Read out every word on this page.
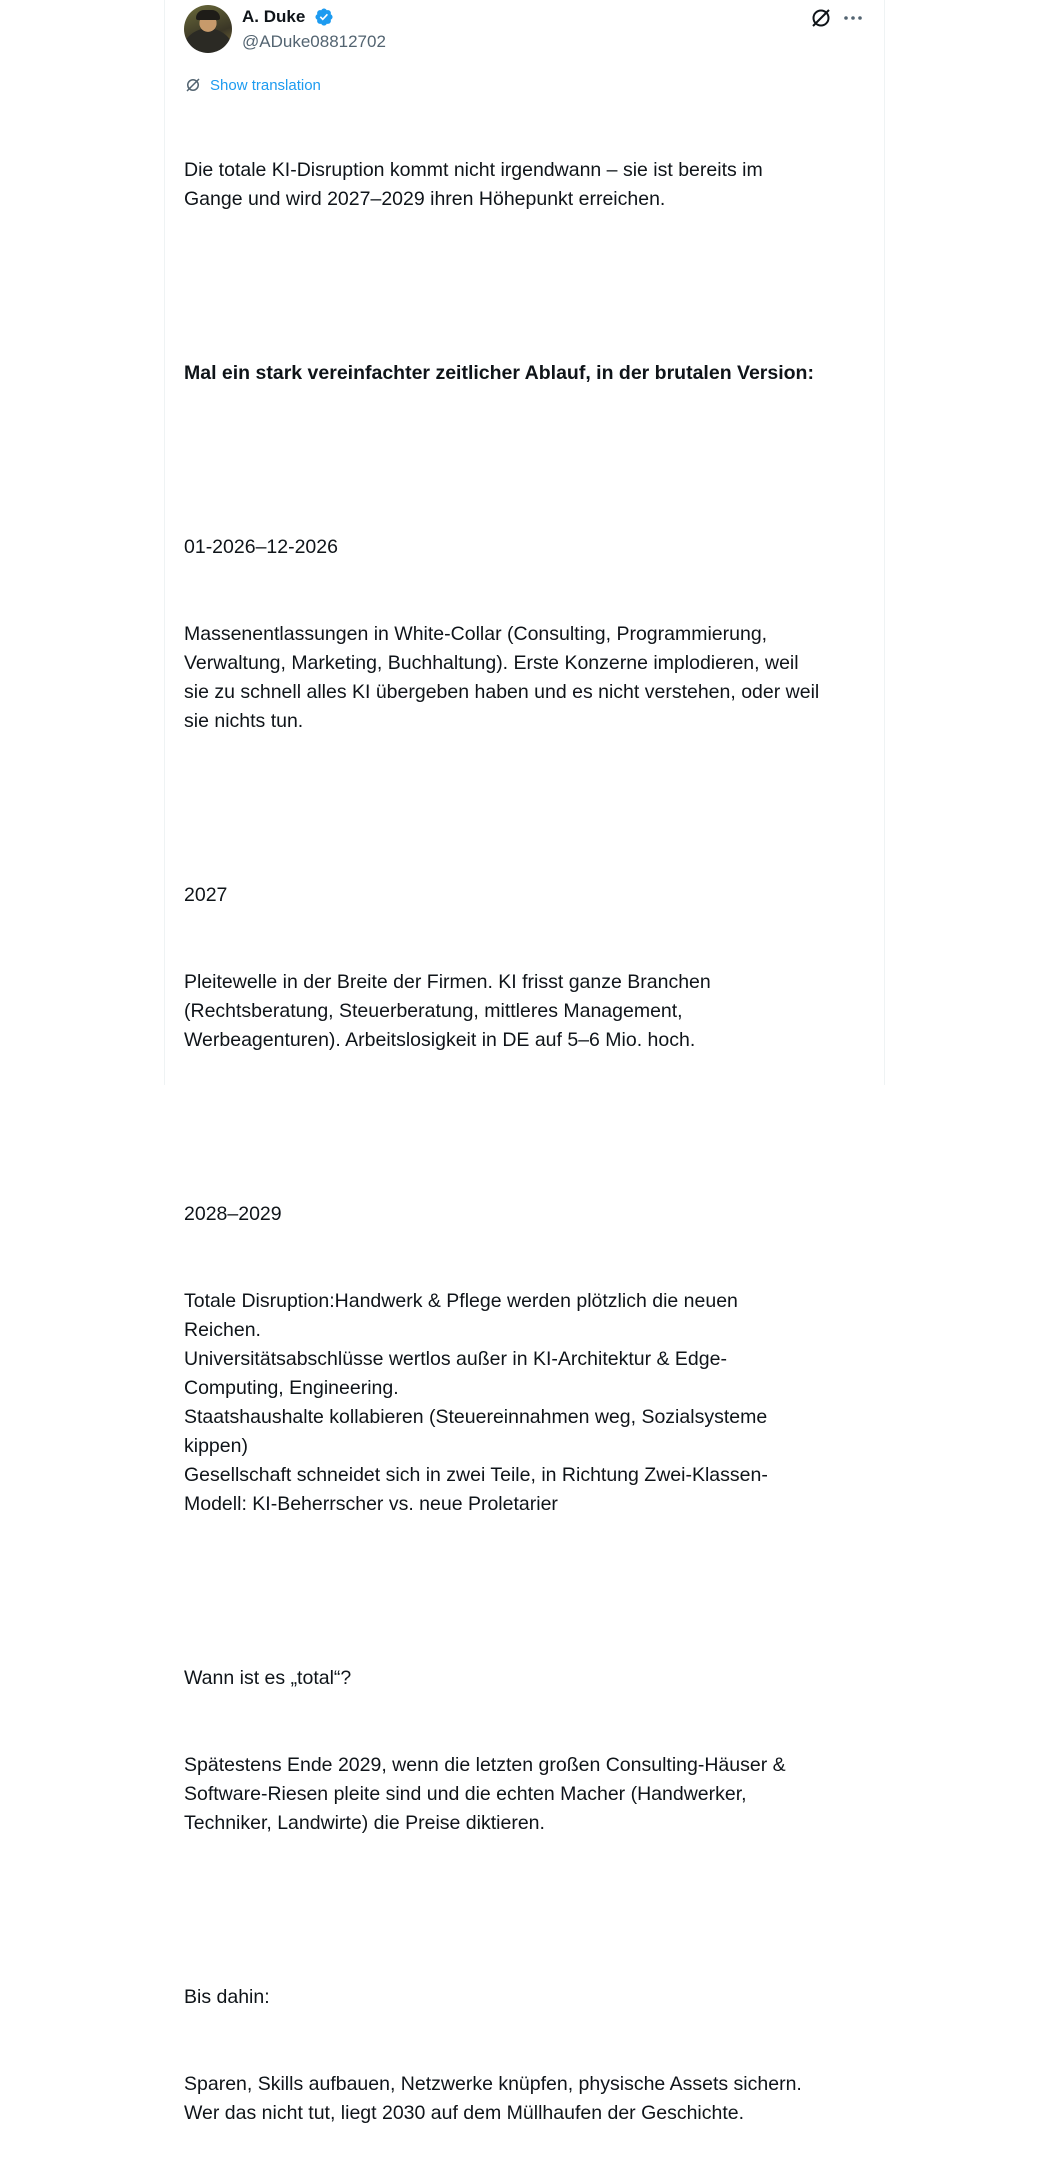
A. Duke
@ADuke08812702
Show translation

Die totale KI-Disruption kommt nicht irgendwann – sie ist bereits im
Gange und wird 2027–2029 ihren Höhepunkt erreichen.

Mal ein stark vereinfachter zeitlicher Ablauf, in der brutalen Version:

01-2026–12-2026

Massenentlassungen in White-Collar (Consulting, Programmierung,
Verwaltung, Marketing, Buchhaltung). Erste Konzerne implodieren, weil
sie zu schnell alles KI übergeben haben und es nicht verstehen, oder weil
sie nichts tun.

2027

Pleitewelle in der Breite der Firmen. KI frisst ganze Branchen
(Rechtsberatung, Steuerberatung, mittleres Management,
Werbeagenturen). Arbeitslosigkeit in DE auf 5–6 Mio. hoch.

2028–2029

Totale Disruption:Handwerk & Pflege werden plötzlich die neuen
Reichen.
Universitätsabschlüsse wertlos außer in KI-Architektur & Edge-
Computing, Engineering.
Staatshaushalte kollabieren (Steuereinnahmen weg, Sozialsysteme
kippen)
Gesellschaft schneidet sich in zwei Teile, in Richtung Zwei-Klassen-
Modell: KI-Beherrscher vs. neue Proletarier

Wann ist es „total“?

Spätestens Ende 2029, wenn die letzten großen Consulting-Häuser &
Software-Riesen pleite sind und die echten Macher (Handwerker,
Techniker, Landwirte) die Preise diktieren.

Bis dahin:

Sparen, Skills aufbauen, Netzwerke knüpfen, physische Assets sichern.
Wer das nicht tut, liegt 2030 auf dem Müllhaufen der Geschichte.
